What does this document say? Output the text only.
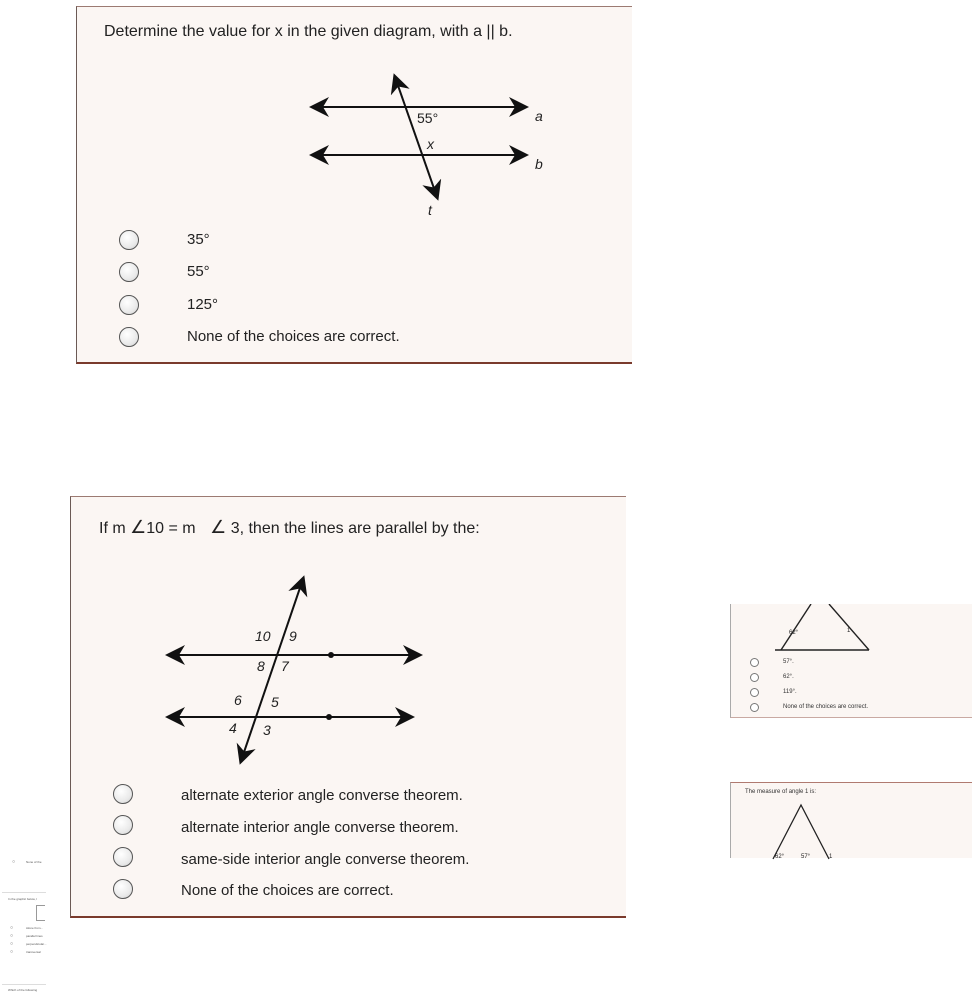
Determine the value for x in the given diagram, with a || b.
55°
x
a
b
t
35°
55°
125°
None of the choices are correct.
If m ∠10 = m ∠ 3, then the lines are parallel by the:
10 9
8 7
6 5
4 3
alternate exterior angle converse theorem.
alternate interior angle converse theorem.
same-side interior angle converse theorem.
None of the choices are correct.
62°	1
57°.
62°.
119°.
None of the choices are correct.
The measure of angle 1 is:
62°	57°	1
○	None of the
In the graphic below, l
○	Alone from...
○	parallel lines
○	perpendicular...
○	transversal
Which of the following
